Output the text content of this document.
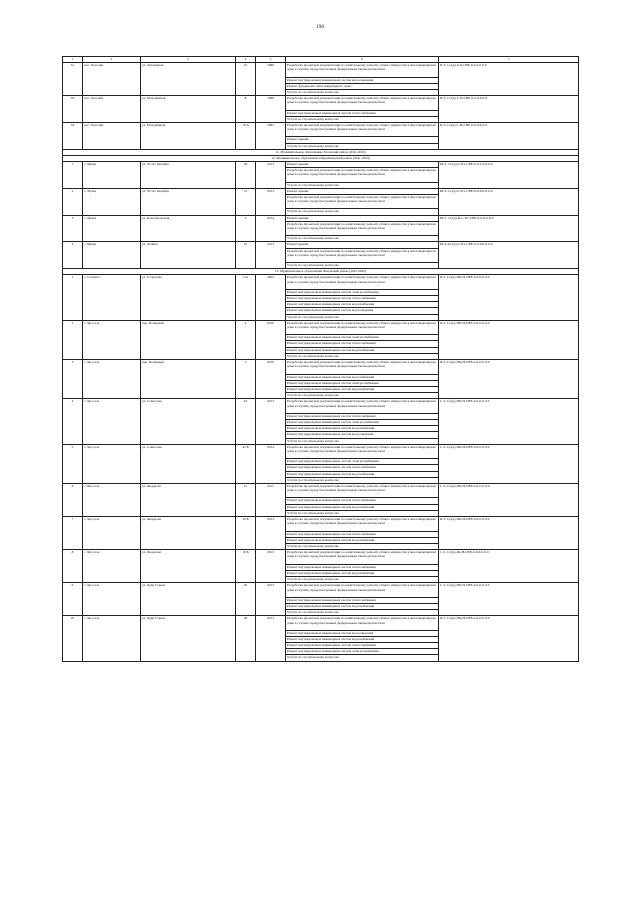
190
1	2	3	4	5	6	7
31	пос. Хасолей	ул. Заполярная	10	1986	Разработка проектной документации по капитальному ремонту общего имущества в многоквартирном доме в случаях, предусмотренных федеральным законодательством	П-3-1-С(н)-0-Ц-СВЕ-0-0-0-0-0-0
					Ремонт внутридомовых инженерных систем водоотведения	
					Ремонт фундамента многоквартирного дома	
					Услуги по строительному контролю	
32	пос. Хасолей	ул. Молодёжная	8	1986	Разработка проектной документации по капитальному ремонту общего имущества в многоквартирном доме в случаях, предусмотренных федеральным законодательством	П-3-1-С(н)-С-Н-СВЕ-0-0-0-0-0-0
					Ремонт внутридомовых инженерных систем теплоснабжения	
					Услуги по строительному контролю	
34	пос. Хасолей	ул. Молодёжная	10 А	1983	Разработка проектной документации по капитальному ремонту общего имущества в многоквартирном доме в случаях, предусмотренных федеральным законодательством	К-3-1-С(н)-С-Н-СВЕ-0-0-0-0-0-0
					Ремонт крыши	
					Услуги по строительному контролю	
11. Муниципальное образование Тазовский район (2041-2043)						
12. Муниципальное образование Шурышкарский район (2041-2043)						
1	с. Мужи	ул. 50 лет Октября	29	2013	Ремонт крыши	Ш-2-1-С(н)-С-П1-СВЕ-0-0-1-0-0-0-0
					Разработка проектной документации по капитальному ремонту общего имущества в многоквартирном доме в случаях, предусмотренных федеральным законодательством	
					Услуги по строительному контролю	
2	с. Мужи	ул. 50 лет Октября	31	2013	Ремонт крыши	Ш-3-1-С(н)-С-П1-СВЕ-0-0-0-0-0-0-0
					Разработка проектной документации по капитальному ремонту общего имущества в многоквартирном доме в случаях, предусмотренных федеральным законодательством	
					Услуги по строительному контролю	
3	с. Мужи	ул. Комсомольская	2	2014	Ремонт крыши	Ш-3-1-С(н)-П-С-П1-СВЕ-0-0-0-0-0-0
					Разработка проектной документации по капитальному ремонту общего имущества в многоквартирном доме в случаях, предусмотренных федеральным законодательством	
					Услуги по строительному контролю	
4	с. Мужи	ул. Ленина	10	2013	Ремонт крыши	Ш-4-4-С(н)-С-П1-СВЕ-0-0-0-0-0-0-0
					Разработка проектной документации по капитальному ремонту общего имущества в многоквартирном доме в случаях, предусмотренных федеральным законодательством	
					Услуги по строительному контролю	
13. Муниципальное образование Ямальский район (2041-2043)						
1	с. Салемал	ул. Солдатова	5 А	2004	Разработка проектной документации по капитальному ремонту общего имущества в многоквартирном доме в случаях, предусмотренных федеральным законодательством	Я-3-1-С(н)-ПК-Н-СВЕ-0-0-0-0-0-0
					Ремонт внутридомовых инженерных систем электроснабжения	
					Ремонт внутридомовых инженерных систем теплоснабжения	
					Ремонт внутридомовых инженерных систем водоснабжения	
					Ремонт внутридомовых инженерных систем водоотведения	
					Услуги по строительному контролю	
2	с. Яр-Сале	пер. Полярный	4	2010	Разработка проектной документации по капитальному ремонту общего имущества в многоквартирном доме в случаях, предусмотренных федеральным законодательством	Я-3-1-С(н)-ПК-Н-СВЕ-0-0-0-0-0-0
					Ремонт внутридомовых инженерных систем электроснабжения	
					Ремонт внутридомовых инженерных систем теплоснабжения	
					Ремонт внутридомовых инженерных систем водоснабжения	
					Услуги по строительному контролю	
3	с. Яр-Сале	пер. Полярный	7	2010	Разработка проектной документации по капитальному ремонту общего имущества в многоквартирном доме в случаях, предусмотренных федеральным законодательством	Я-3-2-С(н)-ПК-Н-СВЕ-0-0-0-0-0-0
					Ремонт внутридомовых инженерных систем водоснабжения	
					Ремонт внутридомовых инженерных систем электроснабжения	
					Ремонт внутридомовых инженерных систем водоснабжения	
					Услуги по строительному контролю	
4	с. Яр-Сале	ул. Советская	42	2013	Разработка проектной документации по капитальному ремонту общего имущества в многоквартирном доме в случаях, предусмотренных федеральным законодательством	С-3-1-С(н)-ПК-Н-СВЕ-0-0-0-0-0-0
					Ремонт внутридомовых инженерных систем теплоснабжения	
					Ремонт внутридомовых инженерных систем электроснабжения	
					Ремонт внутридомовых инженерных систем водоснабжения	
					Ремонт внутридомовых инженерных систем водоотведения	
					Услуги по строительному контролю	
5	с. Яр-Сале	ул. Советская	42 Б	2014	Разработка проектной документации по капитальному ремонту общего имущества в многоквартирном доме в случаях, предусмотренных федеральным законодательством	С-3-1-С(н)-ПК-Н-СВЕ-0-0-0-0-0-0
					Ремонт внутридомовых инженерных систем электроснабжения	
					Ремонт внутридомовых инженерных систем теплоснабжения	
					Ремонт внутридомовых инженерных систем водоснабжения	
					Услуги по строительному контролю	
6	с. Яр-Сале	ул. Федорова	15	2015	Разработка проектной документации по капитальному ремонту общего имущества в многоквартирном доме в случаях, предусмотренных федеральным законодательством	С-3-1-С(н)-ПК-Н-СВЕ-0-0-0-0-0-0
					Ремонт внутридомовых инженерных систем теплоснабжения	
					Ремонт внутридомовых инженерных систем водоснабжения	
					Услуги по строительному контролю	
7	с. Яр-Сале	ул. Федорова	16 Б	2013	Разработка проектной документации по капитальному ремонту общего имущества в многоквартирном доме в случаях, предусмотренных федеральным законодательством	Я-3-1-С(н)-ПК-Н-СВЕ-0-0-0-0-0-0
					Ремонт внутридомовых инженерных систем теплоснабжения	
					Ремонт внутридомовых инженерных систем водоснабжения	
					Услуги по строительному контролю	
8	с. Яр-Сале	ул. Федорова	18 Б	2013	Разработка проектной документации по капитальному ремонту общего имущества в многоквартирном доме в случаях, предусмотренных федеральным законодательством	С-3-1-С(н)-Яр-Н-СВЕ-0-0-0-0-0-0
					Ремонт внутридомовых инженерных систем теплоснабжения	
					Ремонт внутридомовых инженерных систем водоснабжения	
					Услуги по строительному контролю	
9	с. Яр-Сале	ул. Худи Сэроко	20	2013	Разработка проектной документации по капитальному ремонту общего имущества в многоквартирном доме в случаях, предусмотренных федеральным законодательством	С-3-1-С(н)-ПК-Н-СВЕ-0-0-0-0-0-0
					Ремонт внутридомовых инженерных систем теплоснабжения	
					Ремонт внутридомовых инженерных систем водоснабжения	
					Услуги по строительному контролю	
10	с. Яр-Сале	ул. Худи Сэроко	26	2013	Разработка проектной документации по капитальному ремонту общего имущества в многоквартирном доме в случаях, предусмотренных федеральным законодательством	Я-3-1-С(н)-ПК-Н-СВЕ-0-0-0-0-0-0
					Ремонт внутридомовых инженерных систем водоотведения	
					Ремонт внутридомовых инженерных систем водоснабжения	
					Ремонт внутридомовых инженерных систем теплоснабжения	
					Ремонт внутридомовых инженерных систем электроснабжения	
					Услуги по строительному контролю	
